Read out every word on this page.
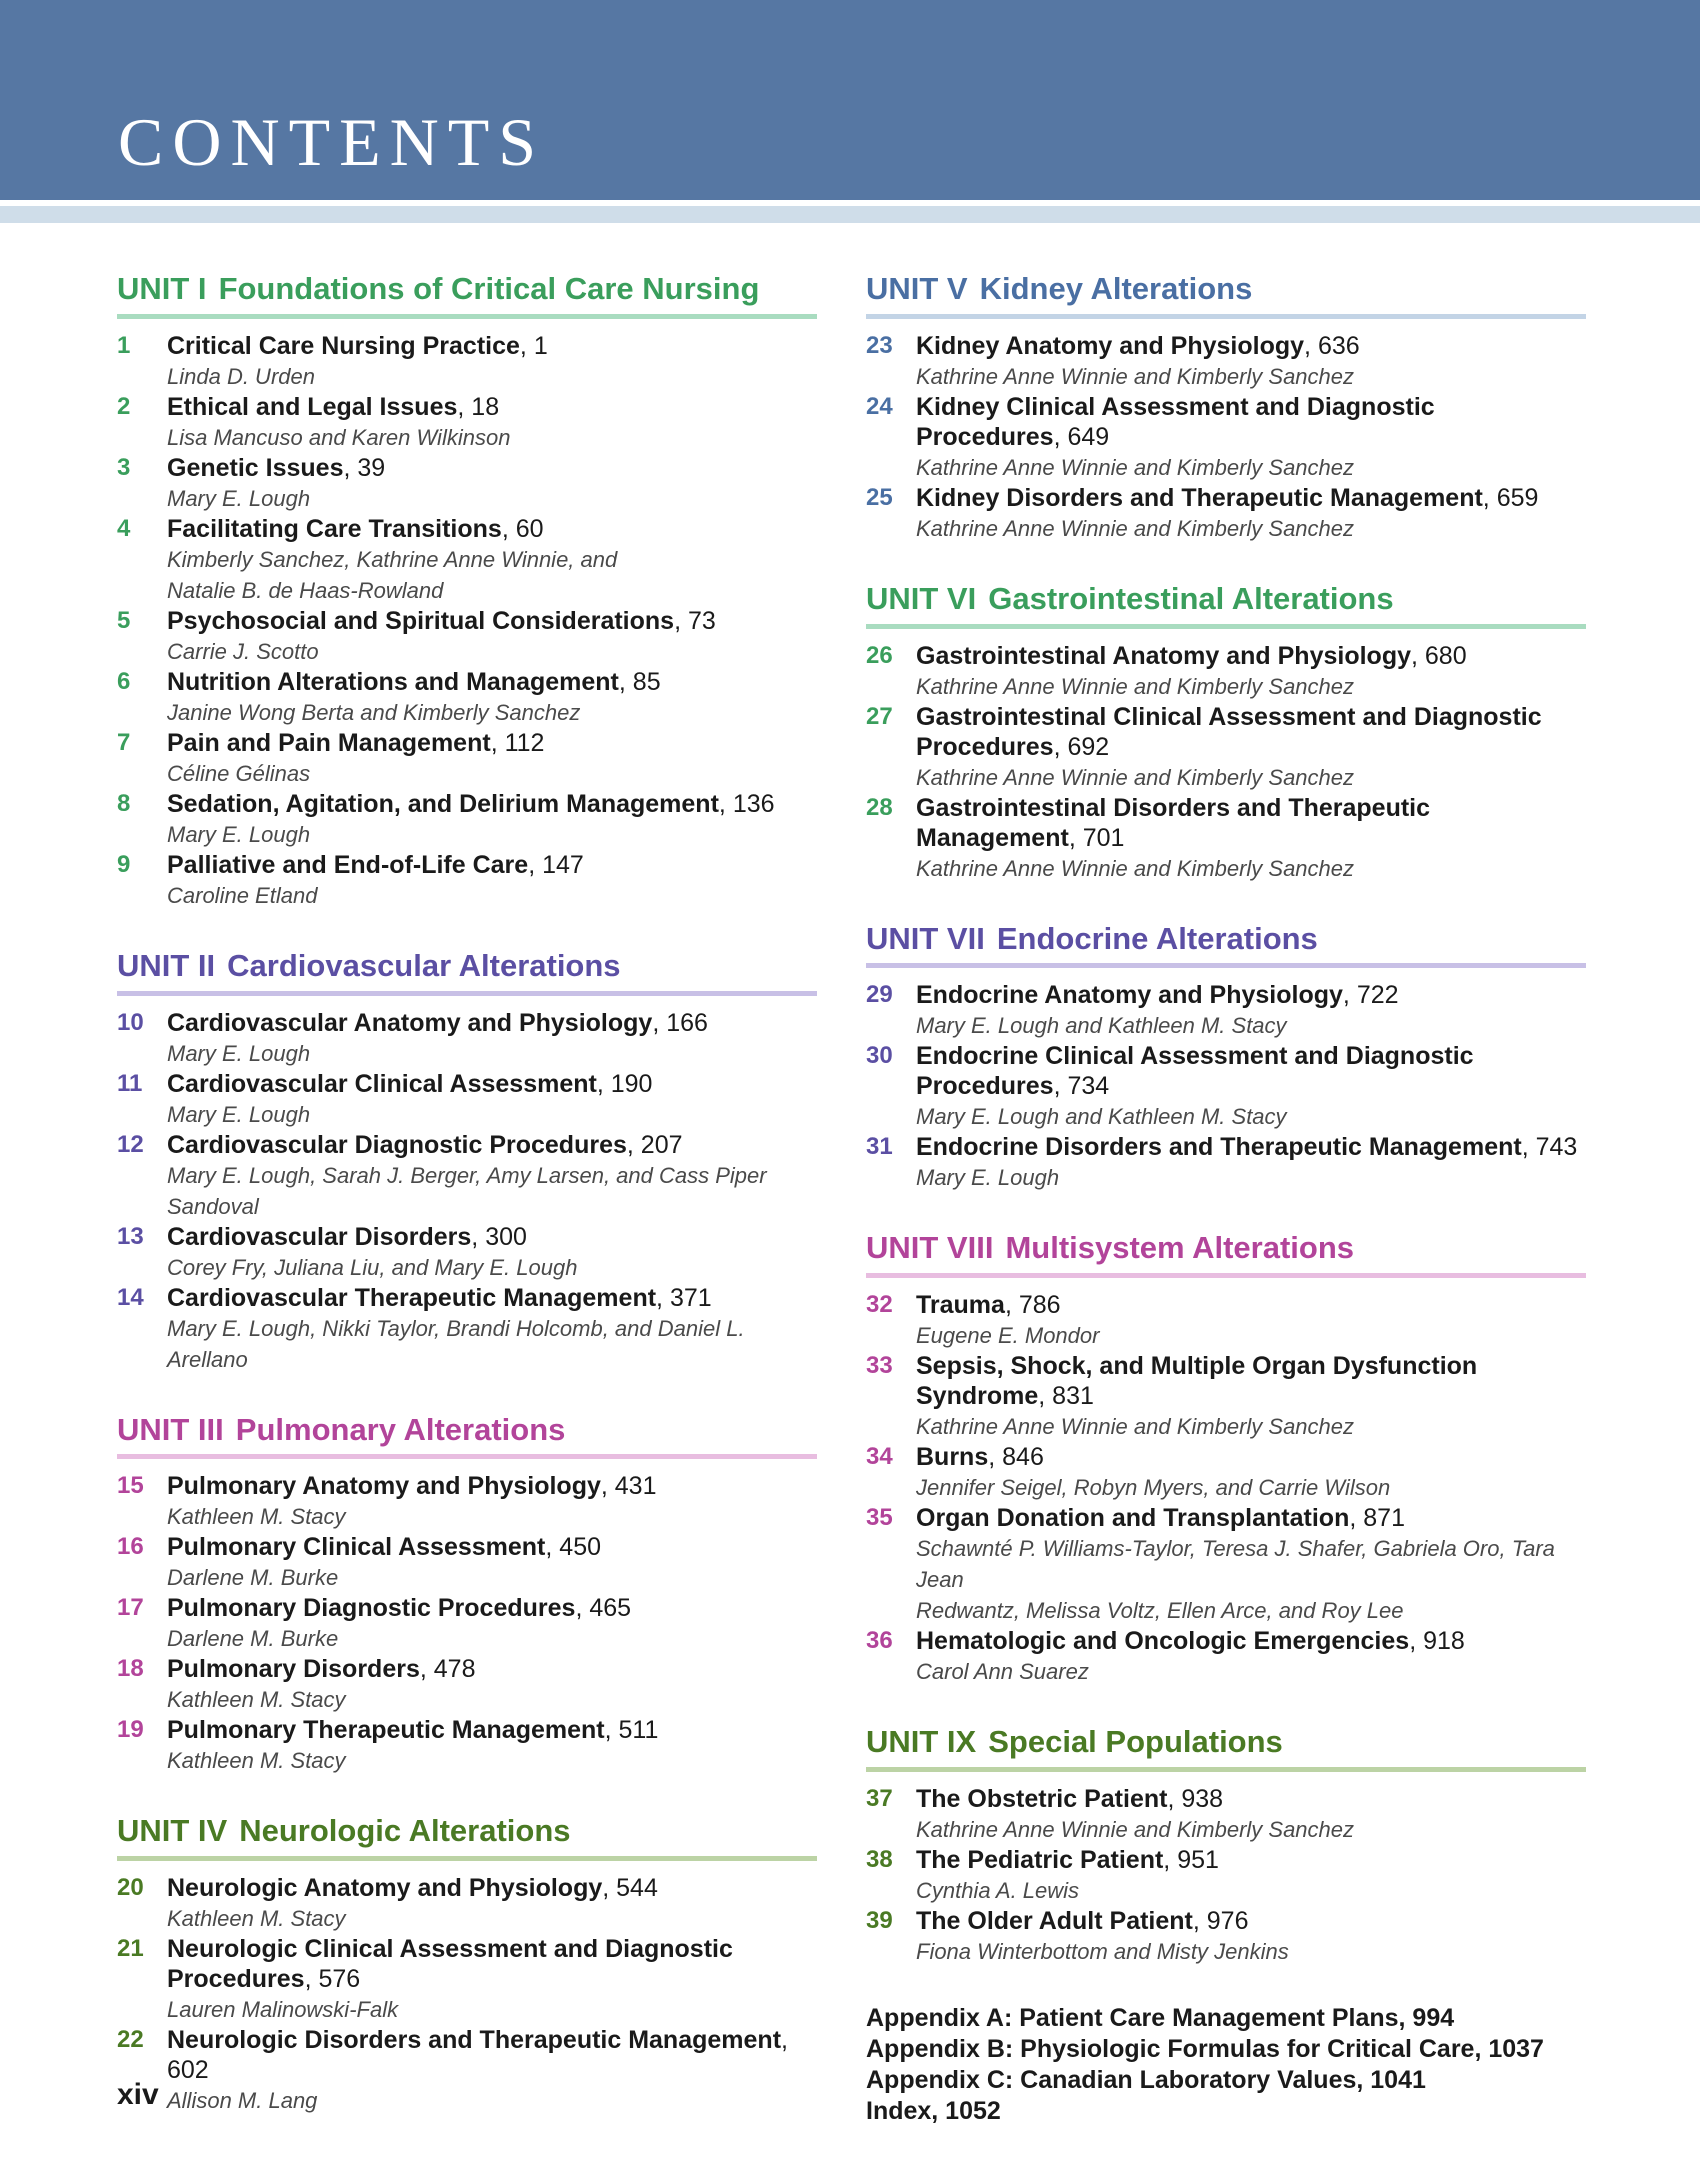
CONTENTS
UNIT I Foundations of Critical Care Nursing
1	Critical Care Nursing Practice, 1
Linda D. Urden
2	Ethical and Legal Issues, 18
Lisa Mancuso and Karen Wilkinson
3	Genetic Issues, 39
Mary E. Lough
4	Facilitating Care Transitions, 60
Kimberly Sanchez, Kathrine Anne Winnie, and
Natalie B. de Haas-Rowland
5	Psychosocial and Spiritual Considerations, 73
Carrie J. Scotto
6	Nutrition Alterations and Management, 85
Janine Wong Berta and Kimberly Sanchez
7	Pain and Pain Management, 112
Céline Gélinas
8	Sedation, Agitation, and Delirium Management, 136
Mary E. Lough
9	Palliative and End-of-Life Care, 147
Caroline Etland
UNIT II Cardiovascular Alterations
10 Cardiovascular Anatomy and Physiology, 166
Mary E. Lough
11 Cardiovascular Clinical Assessment, 190
Mary E. Lough
12 Cardiovascular Diagnostic Procedures, 207
Mary E. Lough, Sarah J. Berger, Amy Larsen, and Cass Piper Sandoval
13 Cardiovascular Disorders, 300
Corey Fry, Juliana Liu, and Mary E. Lough
14 Cardiovascular Therapeutic Management, 371
Mary E. Lough, Nikki Taylor, Brandi Holcomb, and Daniel L. Arellano
UNIT III Pulmonary Alterations
15 Pulmonary Anatomy and Physiology, 431
Kathleen M. Stacy
16 Pulmonary Clinical Assessment, 450
Darlene M. Burke
17 Pulmonary Diagnostic Procedures, 465
Darlene M. Burke
18 Pulmonary Disorders, 478
Kathleen M. Stacy
19 Pulmonary Therapeutic Management, 511
Kathleen M. Stacy
UNIT IV Neurologic Alterations
20 Neurologic Anatomy and Physiology, 544
Kathleen M. Stacy
21 Neurologic Clinical Assessment and Diagnostic Procedures, 576
Lauren Malinowski-Falk
22 Neurologic Disorders and Therapeutic Management, 602
Allison M. Lang
UNIT V Kidney Alterations
23 Kidney Anatomy and Physiology, 636
Kathrine Anne Winnie and Kimberly Sanchez
24 Kidney Clinical Assessment and Diagnostic Procedures, 649
Kathrine Anne Winnie and Kimberly Sanchez
25 Kidney Disorders and Therapeutic Management, 659
Kathrine Anne Winnie and Kimberly Sanchez
UNIT VI Gastrointestinal Alterations
26 Gastrointestinal Anatomy and Physiology, 680
Kathrine Anne Winnie and Kimberly Sanchez
27 Gastrointestinal Clinical Assessment and Diagnostic Procedures, 692
Kathrine Anne Winnie and Kimberly Sanchez
28 Gastrointestinal Disorders and Therapeutic Management, 701
Kathrine Anne Winnie and Kimberly Sanchez
UNIT VII Endocrine Alterations
29 Endocrine Anatomy and Physiology, 722
Mary E. Lough and Kathleen M. Stacy
30 Endocrine Clinical Assessment and Diagnostic Procedures, 734
Mary E. Lough and Kathleen M. Stacy
31 Endocrine Disorders and Therapeutic Management, 743
Mary E. Lough
UNIT VIII Multisystem Alterations
32 Trauma, 786
Eugene E. Mondor
33 Sepsis, Shock, and Multiple Organ Dysfunction Syndrome, 831
Kathrine Anne Winnie and Kimberly Sanchez
34 Burns, 846
Jennifer Seigel, Robyn Myers, and Carrie Wilson
35 Organ Donation and Transplantation, 871
Schawnté P. Williams-Taylor, Teresa J. Shafer, Gabriela Oro, Tara Jean
Redwantz, Melissa Voltz, Ellen Arce, and Roy Lee
36 Hematologic and Oncologic Emergencies, 918
Carol Ann Suarez
UNIT IX Special Populations
37 The Obstetric Patient, 938
Kathrine Anne Winnie and Kimberly Sanchez
38 The Pediatric Patient, 951
Cynthia A. Lewis
39 The Older Adult Patient, 976
Fiona Winterbottom and Misty Jenkins
Appendix A: Patient Care Management Plans, 994
Appendix B: Physiologic Formulas for Critical Care, 1037
Appendix C: Canadian Laboratory Values, 1041
Index, 1052
xiv
